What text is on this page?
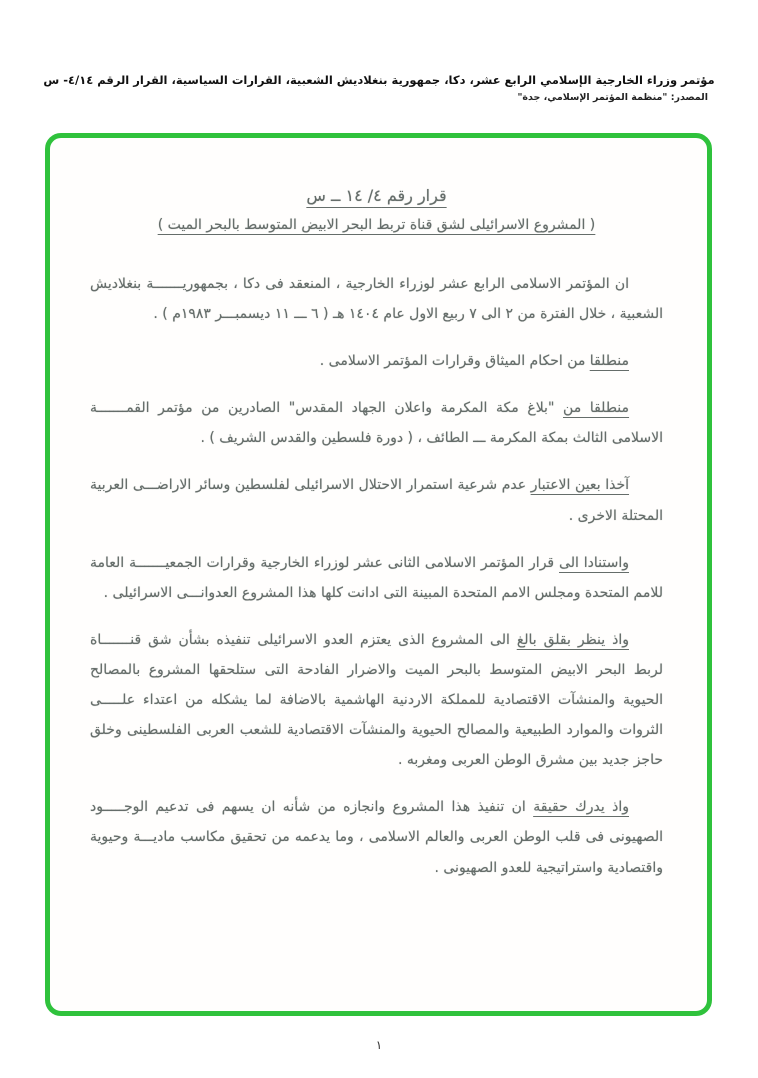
مؤتمر وزراء الخارجية الإسلامي الرابع عشر، دكا، جمهورية بنغلاديش الشعبية، القرارات السياسية، القرار الرقم ٤/١٤- س
المصدر: "منظمة المؤتمر الإسلامي، جدة"
قرار رقم ٤/ ١٤ ــ س
( المشروع الاسرائيلى لشق قناة تربط البحر الابيض المتوسط بالبحر الميت )
ان المؤتمر الاسلامى الرابع عشر لوزراء الخارجية ، المنعقد فى دكا ، بجمهوريـــــــة بنغلاديش الشعبية ، خلال الفترة من ٢ الى ٧ ربيع الاول عام ١٤٠٤ هـ ( ٦ ـــ ١١ ديسمبـــر ١٩٨٣م ) .
منطلقا من احكام الميثاق وقرارات المؤتمر الاسلامى .
منطلقا من "بلاغ مكة المكرمة واعلان الجهاد المقدس" الصادرين من مؤتمر القمـــــــة الاسلامى الثالث بمكة المكرمة ـــ الطائف ، ( دورة فلسطين والقدس الشريف ) .
آخذا بعين الاعتبار عدم شرعية استمرار الاحتلال الاسرائيلى لفلسطين وسائر الاراضـــى العربية المحتلة الاخرى .
واستنادا الى قرار المؤتمر الاسلامى الثانى عشر لوزراء الخارجية وقرارات الجمعيـــــــة العامة للامم المتحدة ومجلس الامم المتحدة المبينة التى ادانت كلها هذا المشروع العدوانـــى الاسرائيلى .
واذ ينظر بقلق بالغ الى المشروع الذى يعتزم العدو الاسرائيلى تنفيذه بشأن شق قنـــــــاة لربط البحر الابيض المتوسط بالبحر الميت والاضرار الفادحة التى ستلحقها المشروع بالمصالح الحيوية والمنشآت الاقتصادية للمملكة الاردنية الهاشمية بالاضافة لما يشكله من اعتداء علـــــى الثروات والموارد الطبيعية والمصالح الحيوية والمنشآت الاقتصادية للشعب العربى الفلسطينى وخلق حاجز جديد بين مشرق الوطن العربى ومغربه .
واذ يدرك حقيقة ان تنفيذ هذا المشروع وانجازه من شأنه ان يسهم فى تدعيم الوجـــــود الصهيونى فى قلب الوطن العربى والعالم الاسلامى ، وما يدعمه من تحقيق مكاسب ماديـــة وحيوية واقتصادية واستراتيجية للعدو الصهيونى .
١
